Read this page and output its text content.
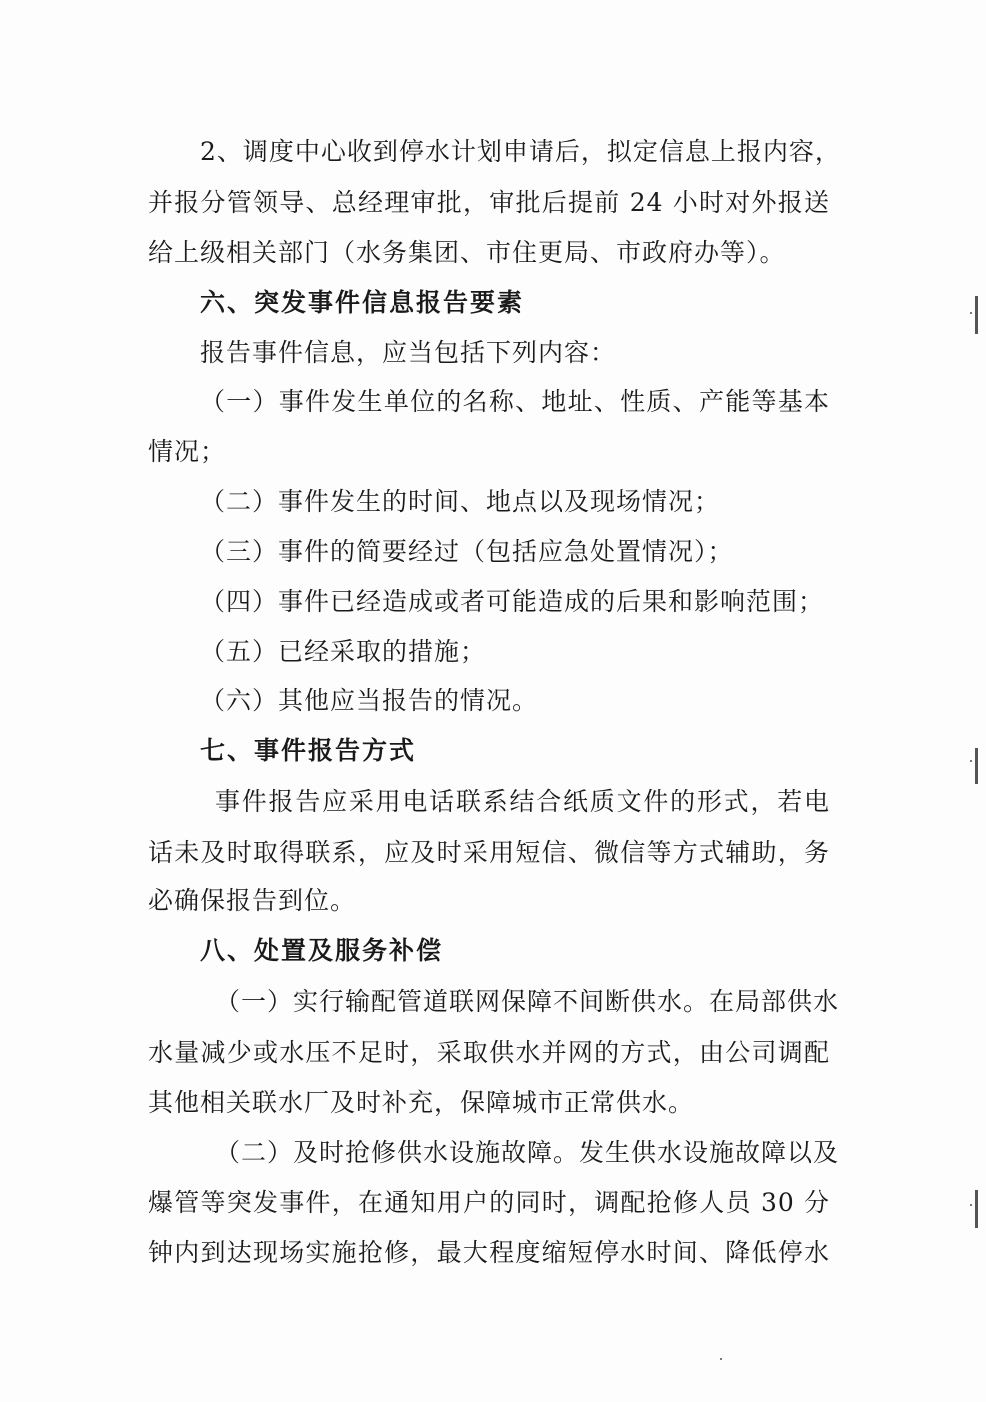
2、调度中心收到停水计划申请后，拟定信息上报内容，
并报分管领导、总经理审批，审批后提前 24 小时对外报送
给上级相关部门（水务集团、市住更局、市政府办等）。
六、突发事件信息报告要素
报告事件信息，应当包括下列内容：
（一）事件发生单位的名称、地址、性质、产能等基本
情况；
（二）事件发生的时间、地点以及现场情况；
（三）事件的简要经过（包括应急处置情况）；
（四）事件已经造成或者可能造成的后果和影响范围；
（五）已经采取的措施；
（六）其他应当报告的情况。
七、事件报告方式
事件报告应采用电话联系结合纸质文件的形式，若电
话未及时取得联系，应及时采用短信、微信等方式辅助，务
必确保报告到位。
八、处置及服务补偿
（一）实行输配管道联网保障不间断供水。在局部供水
水量减少或水压不足时，采取供水并网的方式，由公司调配
其他相关联水厂及时补充，保障城市正常供水。
（二）及时抢修供水设施故障。发生供水设施故障以及
爆管等突发事件，在通知用户的同时，调配抢修人员 30 分
钟内到达现场实施抢修，最大程度缩短停水时间、降低停水
